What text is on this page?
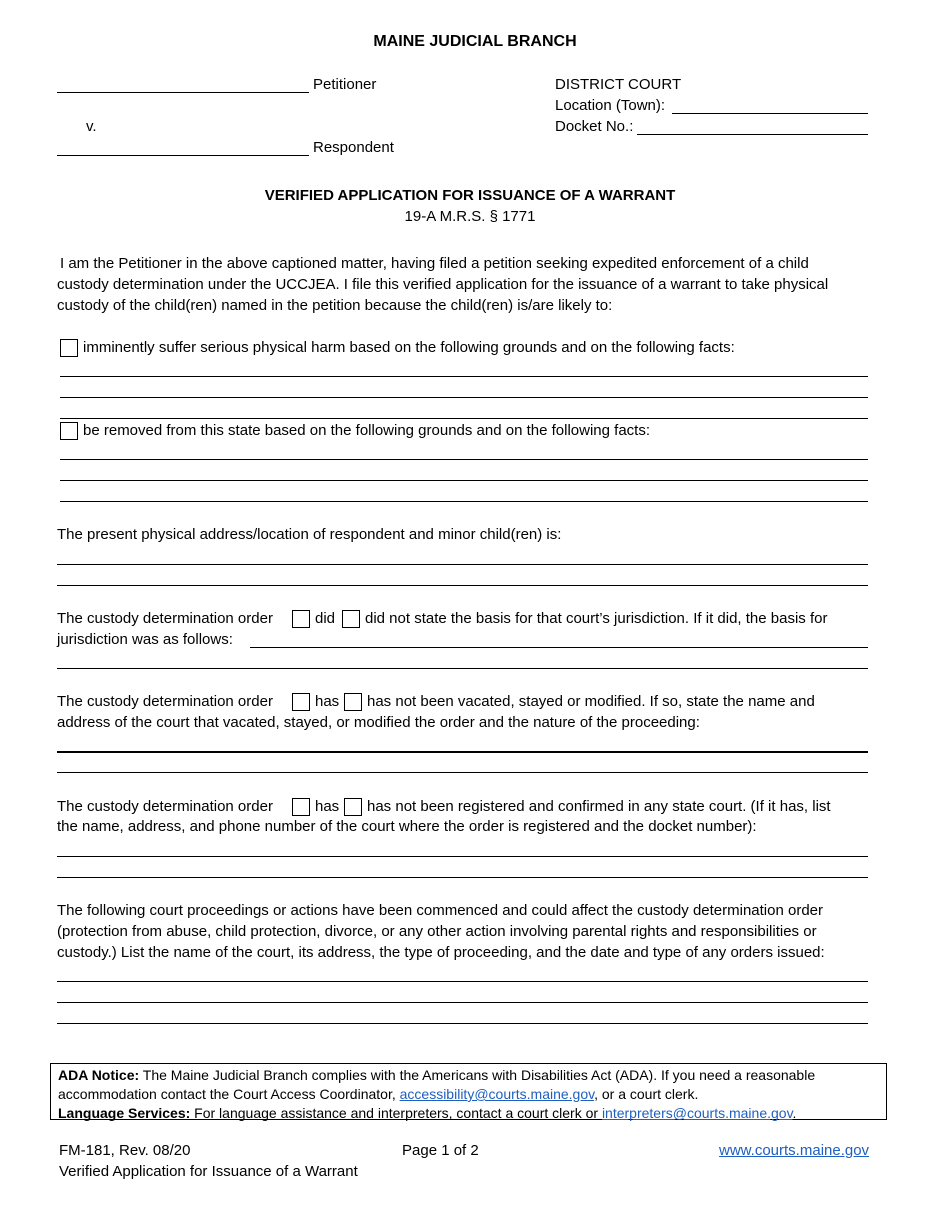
MAINE JUDICIAL BRANCH
Petitioner
v.
Respondent
DISTRICT COURT
Location (Town):
Docket No.:
VERIFIED APPLICATION FOR ISSUANCE OF A WARRANT
19-A M.R.S. § 1771
I am the Petitioner in the above captioned matter, having filed a petition seeking expedited enforcement of a child
custody determination under the UCCJEA. I file this verified application for the issuance of a warrant to take physical
custody of the child(ren) named in the petition because the child(ren) is/are likely to:
imminently suffer serious physical harm based on the following grounds and on the following facts:
be removed from this state based on the following grounds and on the following facts:
The present physical address/location of respondent and minor child(ren) is:
The custody determination order	did did not state the basis for that court’s jurisdiction. If it did, the basis for
jurisdiction was as follows:
The custody determination order	has has not been vacated, stayed or modified. If so, state the name and
address of the court that vacated, stayed, or modified the order and the nature of the proceeding:
The custody determination order	has has not been registered and confirmed in any state court. (If it has, list
the name, address, and phone number of the court where the order is registered and the docket number):
The following court proceedings or actions have been commenced and could affect the custody determination order
(protection from abuse, child protection, divorce, or any other action involving parental rights and responsibilities or
custody.) List the name of the court, its address, the type of proceeding, and the date and type of any orders issued:
ADA Notice: The Maine Judicial Branch complies with the Americans with Disabilities Act (ADA). If you need a reasonable
accommodation contact the Court Access Coordinator, accessibility@courts.maine.gov, or a court clerk.
Language Services: For language assistance and interpreters, contact a court clerk or interpreters@courts.maine.gov.
FM-181, Rev. 08/20
Verified Application for Issuance of a Warrant
Page 1 of 2	www.courts.maine.gov
